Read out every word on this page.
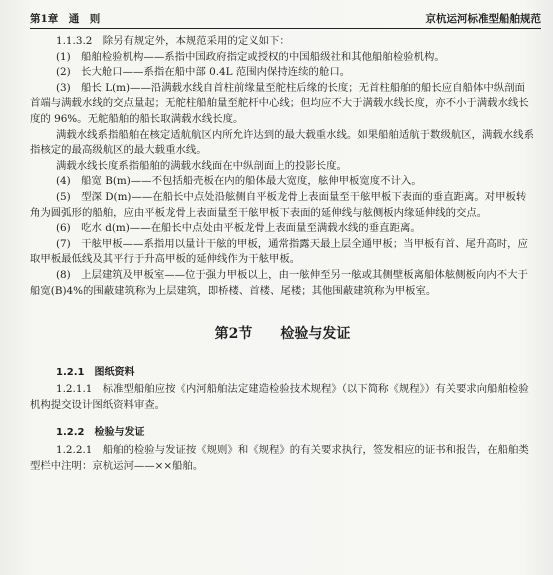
第1章　通　则	京杭运河标准型船舶规范

1.1.3.2　除另有规定外，本规范采用的定义如下：

(1)　船舶检验机构——系指中国政府指定或授权的中国船级社和其他船舶检验机构。

(2)　长大舱口——系指在船中部 0.4L 范围内保持连续的舱口。

(3)　船长 L(m)——沿满载水线自首柱前缘量至舵柱后缘的长度；无首柱船舶的船长应自船体中纵剖面首端与满载水线的交点量起；无舵柱船舶量至舵杆中心线；但均应不大于满载水线长度，亦不小于满载水线长度的 96%。无舵船舶的船长取满载水线长度。

满载水线系指船舶在核定适航航区内所允许达到的最大载重水线。如果船舶适航于数级航区，满载水线系指核定的最高级航区的最大载重水线。

满载水线长度系指船舶的满载水线面在中纵剖面上的投影长度。

(4)　船宽 B(m)——不包括船壳板在内的船体最大宽度，舷伸甲板宽度不计入。

(5)　型深 D(m)——在船长中点处沿舷侧自平板龙骨上表面量至干舷甲板下表面的垂直距离。对甲板转角为圆弧形的船舶，应由平板龙骨上表面量至干舷甲板下表面的延伸线与舷侧板内缘延伸线的交点。

(6)　吃水 d(m)——在船长中点处由平板龙骨上表面量至满载水线的垂直距离。

(7)　干舷甲板——系指用以量计干舷的甲板，通常指露天最上层全通甲板；当甲板有首、尾升高时，应取甲板最低线及其平行于升高甲板的延伸线作为干舷甲板。

(8)　上层建筑及甲板室——位于强力甲板以上，由一舷伸至另一舷或其侧壁板离船体舷侧板向内不大于船宽(B)4%的围蔽建筑称为上层建筑，即桥楼、首楼、尾楼；其他围蔽建筑称为甲板室。

第2节 检验与发证

1.2.1　图纸资料

1.2.1.1　标准型船舶应按《内河船舶法定建造检验技术规程》（以下简称《规程》）有关要求向船舶检验机构提交设计图纸资料审查。

1.2.2　检验与发证

1.2.2.1　船舶的检验与发证按《规则》和《规程》的有关要求执行，签发相应的证书和报告，在船舶类型栏中注明：京杭运河——××船舶。
